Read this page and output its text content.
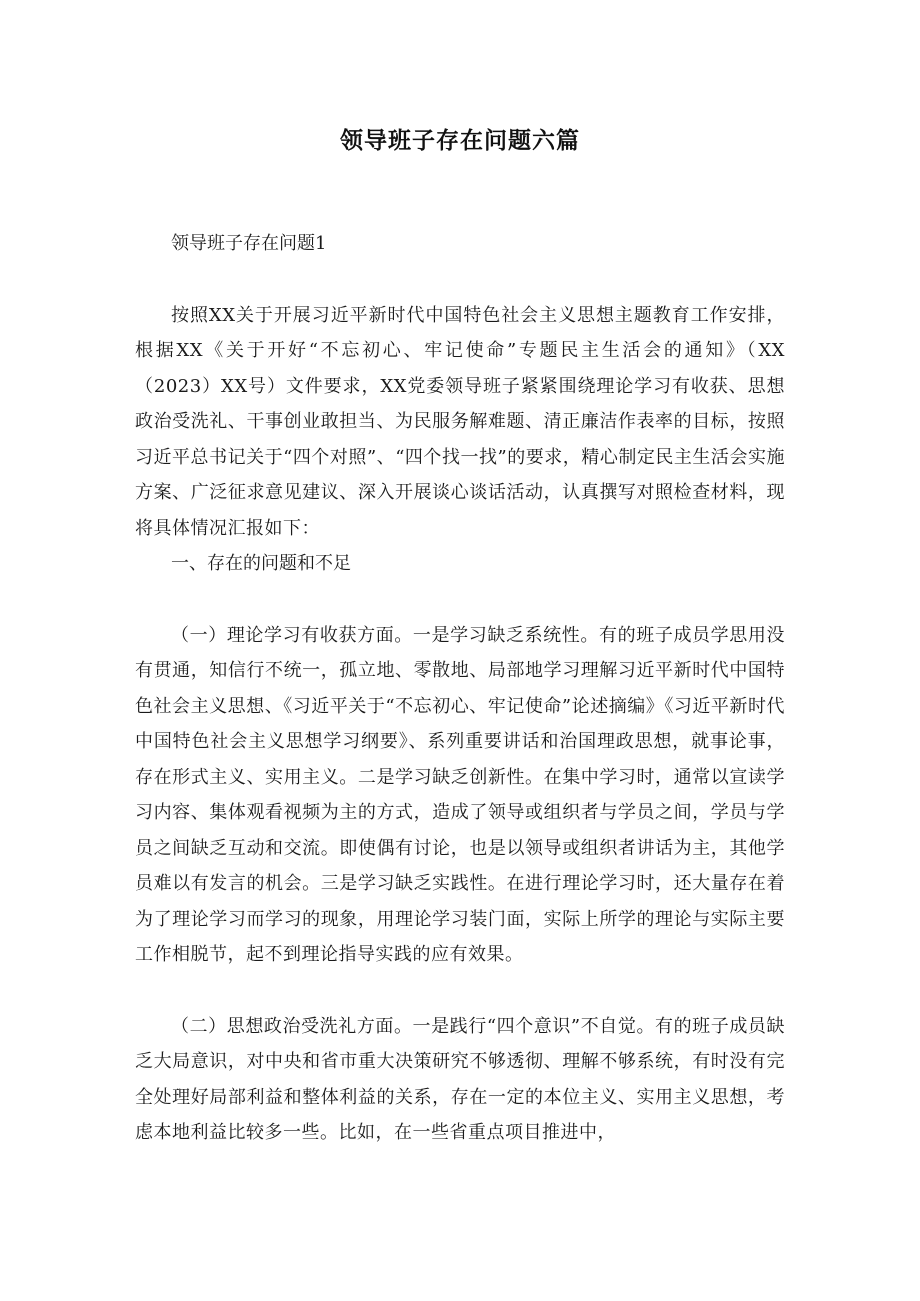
领导班子存在问题六篇

领导班子存在问题1

按照XX关于开展习近平新时代中国特色社会主义思想主题教育工作安排，根据XX《关于开好“不忘初心、牢记使命”专题民主生活会的通知》（XX（2023）XX号）文件要求，XX党委领导班子紧紧围绕理论学习有收获、思想政治受洗礼、干事创业敢担当、为民服务解难题、清正廉洁作表率的目标，按照习近平总书记关于“四个对照”、“四个找一找”的要求，精心制定民主生活会实施方案、广泛征求意见建议、深入开展谈心谈话活动，认真撰写对照检查材料，现将具体情况汇报如下：

一、存在的问题和不足

（一）理论学习有收获方面。一是学习缺乏系统性。有的班子成员学思用没有贯通，知信行不统一，孤立地、零散地、局部地学习理解习近平新时代中国特色社会主义思想、《习近平关于“不忘初心、牢记使命”论述摘编》《习近平新时代中国特色社会主义思想学习纲要》、系列重要讲话和治国理政思想，就事论事，存在形式主义、实用主义。二是学习缺乏创新性。在集中学习时，通常以宣读学习内容、集体观看视频为主的方式，造成了领导或组织者与学员之间，学员与学员之间缺乏互动和交流。即使偶有讨论，也是以领导或组织者讲话为主，其他学员难以有发言的机会。三是学习缺乏实践性。在进行理论学习时，还大量存在着为了理论学习而学习的现象，用理论学习装门面，实际上所学的理论与实际主要工作相脱节，起不到理论指导实践的应有效果。

（二）思想政治受洗礼方面。一是践行“四个意识”不自觉。有的班子成员缺乏大局意识，对中央和省市重大决策研究不够透彻、理解不够系统，有时没有完全处理好局部利益和整体利益的关系，存在一定的本位主义、实用主义思想，考虑本地利益比较多一些。比如，在一些省重点项目推进中，
